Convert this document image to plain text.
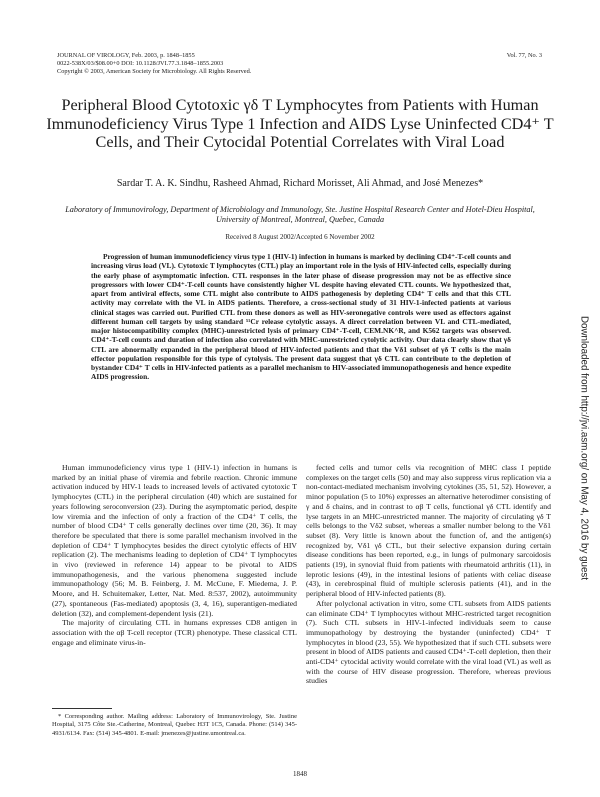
JOURNAL OF VIROLOGY, Feb. 2003, p. 1848–1855
0022-538X/03/$08.00+0 DOI: 10.1128/JVI.77.3.1848–1855.2003
Copyright © 2003, American Society for Microbiology. All Rights Reserved.
Vol. 77, No. 3
Peripheral Blood Cytotoxic γδ T Lymphocytes from Patients with Human Immunodeficiency Virus Type 1 Infection and AIDS Lyse Uninfected CD4⁺ T Cells, and Their Cytocidal Potential Correlates with Viral Load
Sardar T. A. K. Sindhu, Rasheed Ahmad, Richard Morisset, Ali Ahmad, and José Menezes*
Laboratory of Immunovirology, Department of Microbiology and Immunology, Ste. Justine Hospital Research Center and Hotel-Dieu Hospital, University of Montreal, Montreal, Quebec, Canada
Received 8 August 2002/Accepted 6 November 2002

Progression of human immunodeficiency virus type 1 (HIV-1) infection in humans is marked by declining CD4⁺-T-cell counts and increasing virus load (VL). Cytotoxic T lymphocytes (CTL) play an important role in the lysis of HIV-infected cells, especially during the early phase of asymptomatic infection. CTL responses in the later phase of disease progression may not be as effective since progressors with lower CD4⁺-T-cell counts have consistently higher VL despite having elevated CTL counts. We hypothesized that, apart from antiviral effects, some CTL might also contribute to AIDS pathogenesis by depleting CD4⁺ T cells and that this CTL activity may correlate with the VL in AIDS patients. Therefore, a cross-sectional study of 31 HIV-1-infected patients at various clinical stages was carried out. Purified CTL from these donors as well as HIV-seronegative controls were used as effectors against different human cell targets by using standard ⁵¹Cr release cytolytic assays. A direct correlation between VL and CTL-mediated, major histocompatibility complex (MHC)-unrestricted lysis of primary CD4⁺-T-cell, CEM.NK^R, and K562 targets was observed. CD4⁺-T-cell counts and duration of infection also correlated with MHC-unrestricted cytolytic activity. Our data clearly show that γδ CTL are abnormally expanded in the peripheral blood of HIV-infected patients and that the Vδ1 subset of γδ T cells is the main effector population responsible for this type of cytolysis. The present data suggest that γδ CTL can contribute to the depletion of bystander CD4⁺ T cells in HIV-infected patients as a parallel mechanism to HIV-associated immunopathogenesis and hence expedite AIDS progression.

Human immunodeficiency virus type 1 (HIV-1) infection in humans is marked by an initial phase of viremia and febrile reaction. Chronic immune activation induced by HIV-1 leads to increased levels of activated cytotoxic T lymphocytes (CTL) in the peripheral circulation (40) which are sustained for years following seroconversion (23). During the asymptomatic period, despite low viremia and the infection of only a fraction of the CD4⁺ T cells, the number of blood CD4⁺ T cells generally declines over time (20, 36). It may therefore be speculated that there is some parallel mechanism involved in the depletion of CD4⁺ T lymphocytes besides the direct cytolytic effects of HIV replication (2). The mechanisms leading to depletion of CD4⁺ T lymphocytes in vivo (reviewed in reference 14) appear to be pivotal to AIDS immunopathogenesis, and the various phenomena suggested include immunopathology (56; M. B. Feinberg, J. M. McCune, F. Miedema, J. P. Moore, and H. Schuitemaker, Letter, Nat. Med. 8:537, 2002), autoimmunity (27), spontaneous (Fas-mediated) apoptosis (3, 4, 16), superantigen-mediated deletion (32), and complement-dependent lysis (21).

The majority of circulating CTL in humans expresses CD8 antigen in association with the αβ T-cell receptor (TCR) phenotype. These classical CTL engage and eliminate virus-in-

fected cells and tumor cells via recognition of MHC class I peptide complexes on the target cells (50) and may also suppress virus replication via a non-contact-mediated mechanism involving cytokines (35, 51, 52). However, a minor population (5 to 10%) expresses an alternative heterodimer consisting of γ and δ chains, and in contrast to αβ T cells, functional γδ CTL identify and lyse targets in an MHC-unrestricted manner. The majority of circulating γδ T cells belongs to the Vδ2 subset, whereas a smaller number belong to the Vδ1 subset (8). Very little is known about the function of, and the antigen(s) recognized by, Vδ1 γδ CTL, but their selective expansion during certain disease conditions has been reported, e.g., in lungs of pulmonary sarcoidosis patients (19), in synovial fluid from patients with rheumatoid arthritis (11), in leprotic lesions (49), in the intestinal lesions of patients with celiac disease (43), in cerebrospinal fluid of multiple sclerosis patients (41), and in the peripheral blood of HIV-infected patients (8).

After polyclonal activation in vitro, some CTL subsets from AIDS patients can eliminate CD4⁺ T lymphocytes without MHC-restricted target recognition (7). Such CTL subsets in HIV-1-infected individuals seem to cause immunopathology by destroying the bystander (uninfected) CD4⁺ T lymphocytes in blood (23, 55). We hypothesized that if such CTL subsets were present in blood of AIDS patients and caused CD4⁺-T-cell depletion, then their anti-CD4⁺ cytocidal activity would correlate with the viral load (VL) as well as with the course of HIV disease progression. Therefore, whereas previous studies

* Corresponding author. Mailing address: Laboratory of Immunovirology, Ste. Justine Hospital, 3175 Côte Ste.-Catherine, Montreal, Quebec H3T 1C5, Canada. Phone: (514) 345-4931/6134. Fax: (514) 345-4801. E-mail: jmenezes@justine.umontreal.ca.

1848
Downloaded from http://jvi.asm.org/ on May 4, 2016 by guest
